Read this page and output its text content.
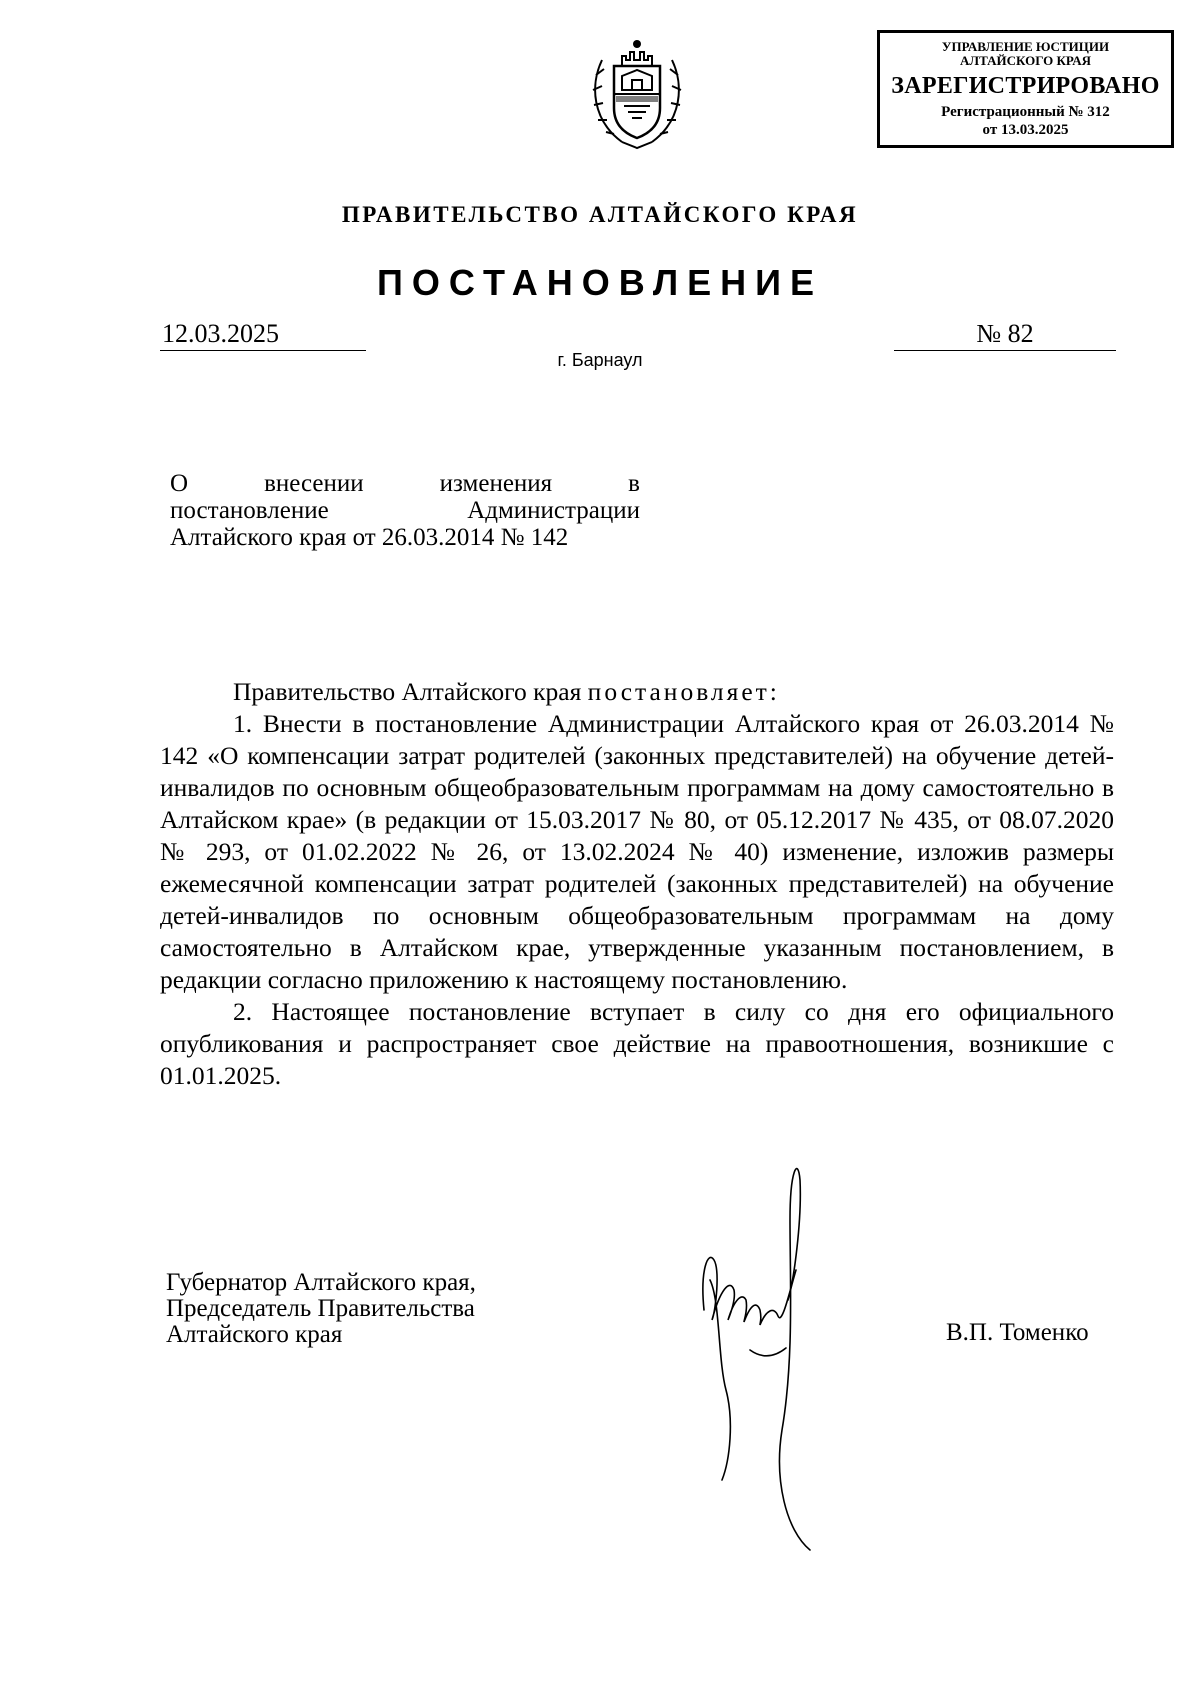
УПРАВЛЕНИЕ ЮСТИЦИИ
АЛТАЙСКОГО КРАЯ
ЗАРЕГИСТРИРОВАНО
Регистрационный № 312
от 13.03.2025
ПРАВИТЕЛЬСТВО АЛТАЙСКОГО КРАЯ
ПОСТАНОВЛЕНИЕ
12.03.2025	№ 82
г. Барнаул
О внесении изменения в
постановление Администрации
Алтайского края от 26.03.2014 № 142

Правительство Алтайского края постановляет:

1. Внести в постановление Администрации Алтайского края от 26.03.2014 № 142 «О компенсации затрат родителей (законных представителей) на обучение детей-инвалидов по основным общеобразовательным программам на дому самостоятельно в Алтайском крае» (в редакции от 15.03.2017 № 80, от 05.12.2017 № 435, от 08.07.2020 № 293, от 01.02.2022 № 26, от 13.02.2024 № 40) изменение, изложив размеры ежемесячной компенсации затрат родителей (законных представителей) на обучение детей-инвалидов по основным общеобразовательным программам на дому самостоятельно в Алтайском крае, утвержденные указанным постановлением, в редакции согласно приложению к настоящему постановлению.

2. Настоящее постановление вступает в силу со дня его официального опубликования и распространяет свое действие на правоотношения, возникшие с 01.01.2025.

Губернатор Алтайского края,
Председатель Правительства
Алтайского края	В.П. Томенко
